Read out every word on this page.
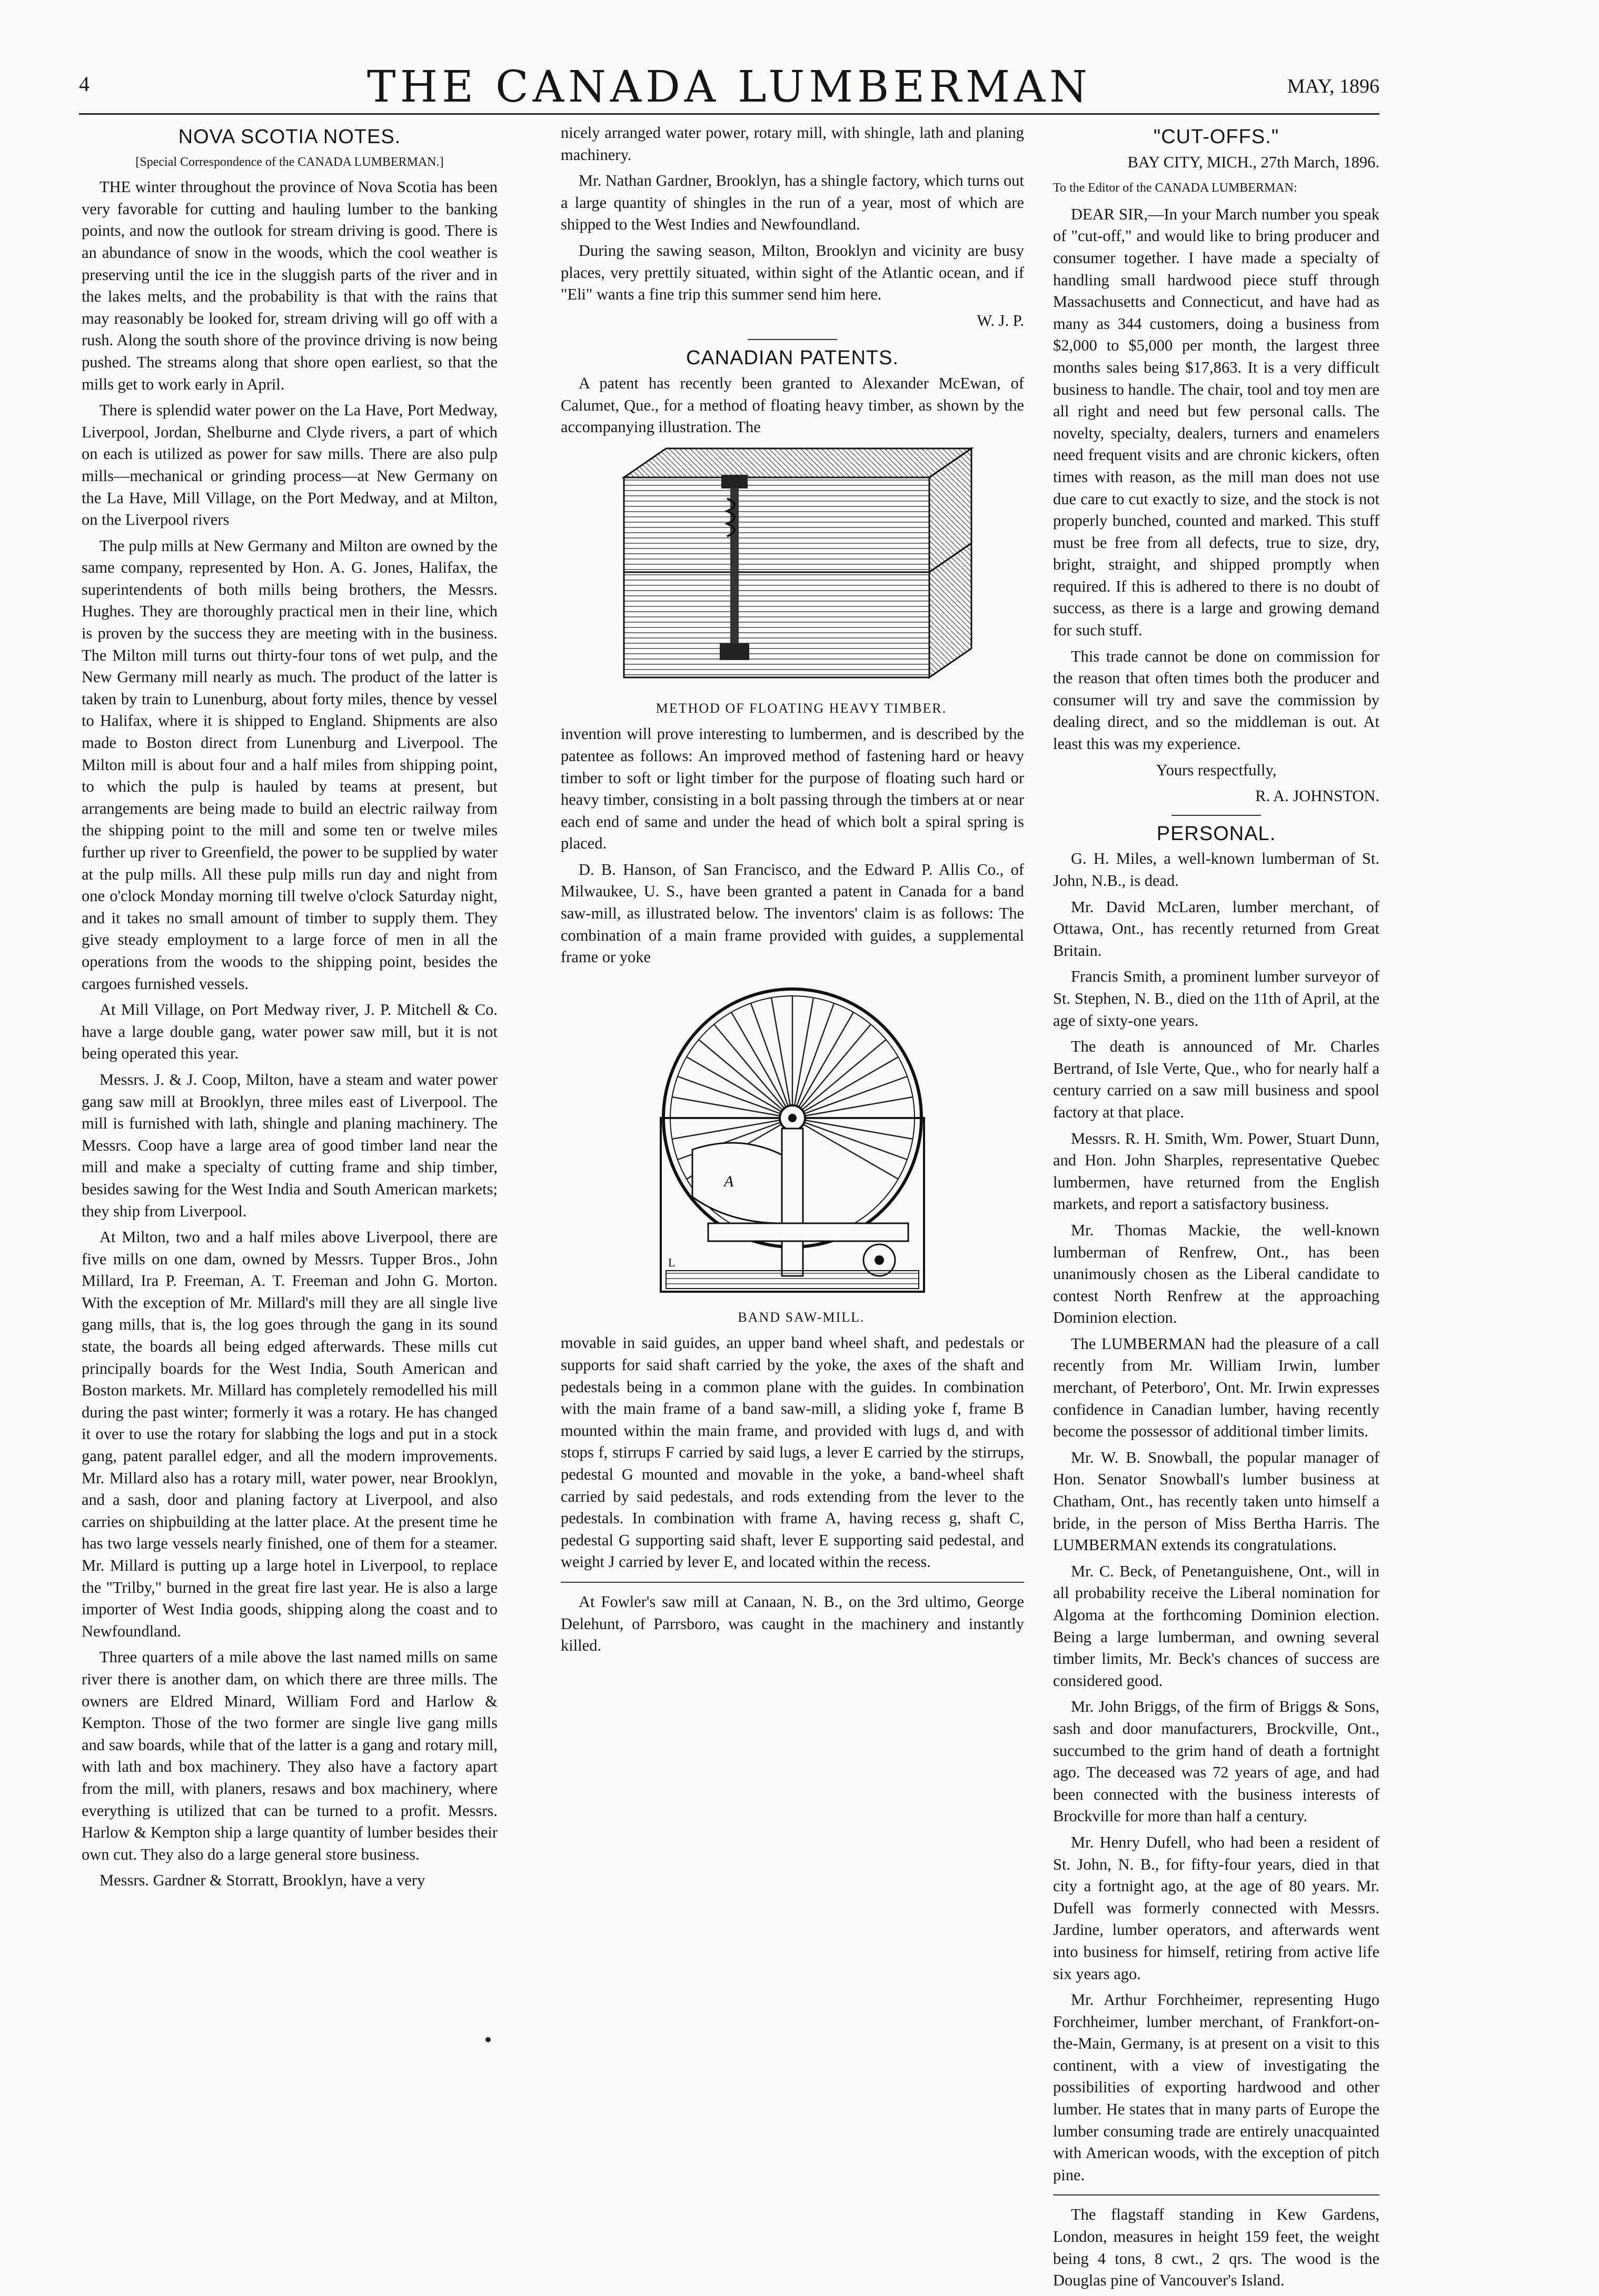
4	THE CANADA LUMBERMAN	MAY, 1896
NOVA SCOTIA NOTES.

[Special Correspondence of the CANADA LUMBERMAN.]

THE winter throughout the province of Nova Scotia has been very favorable for cutting and hauling lumber to the banking points, and now the outlook for stream driving is good. There is an abundance of snow in the woods, which the cool weather is preserving until the ice in the sluggish parts of the river and in the lakes melts, and the probability is that with the rains that may reasonably be looked for, stream driving will go off with a rush. Along the south shore of the province driving is now being pushed. The streams along that shore open earliest, so that the mills get to work early in April.

There is splendid water power on the La Have, Port Medway, Liverpool, Jordan, Shelburne and Clyde rivers, a part of which on each is utilized as power for saw mills. There are also pulp mills—mechanical or grinding process—at New Germany on the La Have, Mill Village, on the Port Medway, and at Milton, on the Liverpool rivers

The pulp mills at New Germany and Milton are owned by the same company, represented by Hon. A. G. Jones, Halifax, the superintendents of both mills being brothers, the Messrs. Hughes. They are thoroughly practical men in their line, which is proven by the success they are meeting with in the business. The Milton mill turns out thirty-four tons of wet pulp, and the New Germany mill nearly as much. The product of the latter is taken by train to Lunenburg, about forty miles, thence by vessel to Halifax, where it is shipped to England. Shipments are also made to Boston direct from Lunenburg and Liverpool. The Milton mill is about four and a half miles from shipping point, to which the pulp is hauled by teams at present, but arrangements are being made to build an electric railway from the shipping point to the mill and some ten or twelve miles further up river to Greenfield, the power to be supplied by water at the pulp mills. All these pulp mills run day and night from one o'clock Monday morning till twelve o'clock Saturday night, and it takes no small amount of timber to supply them. They give steady employment to a large force of men in all the operations from the woods to the shipping point, besides the cargoes furnished vessels.

At Mill Village, on Port Medway river, J. P. Mitchell & Co. have a large double gang, water power saw mill, but it is not being operated this year.

Messrs. J. & J. Coop, Milton, have a steam and water power gang saw mill at Brooklyn, three miles east of Liverpool. The mill is furnished with lath, shingle and planing machinery. The Messrs. Coop have a large area of good timber land near the mill and make a specialty of cutting frame and ship timber, besides sawing for the West India and South American markets; they ship from Liverpool.

At Milton, two and a half miles above Liverpool, there are five mills on one dam, owned by Messrs. Tupper Bros., John Millard, Ira P. Freeman, A. T. Freeman and John G. Morton. With the exception of Mr. Millard's mill they are all single live gang mills, that is, the log goes through the gang in its sound state, the boards all being edged afterwards. These mills cut principally boards for the West India, South American and Boston markets. Mr. Millard has completely remodelled his mill during the past winter; formerly it was a rotary. He has changed it over to use the rotary for slabbing the logs and put in a stock gang, patent parallel edger, and all the modern improvements. Mr. Millard also has a rotary mill, water power, near Brooklyn, and a sash, door and planing factory at Liverpool, and also carries on shipbuilding at the latter place. At the present time he has two large vessels nearly finished, one of them for a steamer. Mr. Millard is putting up a large hotel in Liverpool, to replace the "Trilby," burned in the great fire last year. He is also a large importer of West India goods, shipping along the coast and to Newfoundland.

Three quarters of a mile above the last named mills on same river there is another dam, on which there are three mills. The owners are Eldred Minard, William Ford and Harlow & Kempton. Those of the two former are single live gang mills and saw boards, while that of the latter is a gang and rotary mill, with lath and box machinery. They also have a factory apart from the mill, with planers, resaws and box machinery, where everything is utilized that can be turned to a profit. Messrs. Harlow & Kempton ship a large quantity of lumber besides their own cut. They also do a large general store business.

Messrs. Gardner & Storratt, Brooklyn, have a very

nicely arranged water power, rotary mill, with shingle, lath and planing machinery.

Mr. Nathan Gardner, Brooklyn, has a shingle factory, which turns out a large quantity of shingles in the run of a year, most of which are shipped to the West Indies and Newfoundland.

During the sawing season, Milton, Brooklyn and vicinity are busy places, very prettily situated, within sight of the Atlantic ocean, and if "Eli" wants a fine trip this summer send him here.

W. J. P.

CANADIAN PATENTS.

A patent has recently been granted to Alexander McEwan, of Calumet, Que., for a method of floating heavy timber, as shown by the accompanying illustration. The

METHOD OF FLOATING HEAVY TIMBER.

invention will prove interesting to lumbermen, and is described by the patentee as follows: An improved method of fastening hard or heavy timber to soft or light timber for the purpose of floating such hard or heavy timber, consisting in a bolt passing through the timbers at or near each end of same and under the head of which bolt a spiral spring is placed.

D. B. Hanson, of San Francisco, and the Edward P. Allis Co., of Milwaukee, U. S., have been granted a patent in Canada for a band saw-mill, as illustrated below. The inventors' claim is as follows: The combination of a main frame provided with guides, a supplemental frame or yoke

A
L

BAND SAW-MILL.

movable in said guides, an upper band wheel shaft, and pedestals or supports for said shaft carried by the yoke, the axes of the shaft and pedestals being in a common plane with the guides. In combination with the main frame of a band saw-mill, a sliding yoke f, frame B mounted within the main frame, and provided with lugs d, and with stops f, stirrups F carried by said lugs, a lever E carried by the stirrups, pedestal G mounted and movable in the yoke, a band-wheel shaft carried by said pedestals, and rods extending from the lever to the pedestals. In combination with frame A, having recess g, shaft C, pedestal G supporting said shaft, lever E supporting said pedestal, and weight J carried by lever E, and located within the recess.

At Fowler's saw mill at Canaan, N. B., on the 3rd ultimo, George Delehunt, of Parrsboro, was caught in the machinery and instantly killed.

"CUT-OFFS."

BAY CITY, MICH., 27th March, 1896.

To the Editor of the CANADA LUMBERMAN:

DEAR SIR,—In your March number you speak of "cut-off," and would like to bring producer and consumer together. I have made a specialty of handling small hardwood piece stuff through Massachusetts and Connecticut, and have had as many as 344 customers, doing a business from $2,000 to $5,000 per month, the largest three months sales being $17,863. It is a very difficult business to handle. The chair, tool and toy men are all right and need but few personal calls. The novelty, specialty, dealers, turners and enamelers need frequent visits and are chronic kickers, often times with reason, as the mill man does not use due care to cut exactly to size, and the stock is not properly bunched, counted and marked. This stuff must be free from all defects, true to size, dry, bright, straight, and shipped promptly when required. If this is adhered to there is no doubt of success, as there is a large and growing demand for such stuff.

This trade cannot be done on commission for the reason that often times both the producer and consumer will try and save the commission by dealing direct, and so the middleman is out. At least this was my experience.

Yours respectfully,

R. A. JOHNSTON.

PERSONAL.

G. H. Miles, a well-known lumberman of St. John, N.B., is dead.

Mr. David McLaren, lumber merchant, of Ottawa, Ont., has recently returned from Great Britain.

Francis Smith, a prominent lumber surveyor of St. Stephen, N. B., died on the 11th of April, at the age of sixty-one years.

The death is announced of Mr. Charles Bertrand, of Isle Verte, Que., who for nearly half a century carried on a saw mill business and spool factory at that place.

Messrs. R. H. Smith, Wm. Power, Stuart Dunn, and Hon. John Sharples, representative Quebec lumbermen, have returned from the English markets, and report a satisfactory business.

Mr. Thomas Mackie, the well-known lumberman of Renfrew, Ont., has been unanimously chosen as the Liberal candidate to contest North Renfrew at the approaching Dominion election.

The LUMBERMAN had the pleasure of a call recently from Mr. William Irwin, lumber merchant, of Peterboro', Ont. Mr. Irwin expresses confidence in Canadian lumber, having recently become the possessor of additional timber limits.

Mr. W. B. Snowball, the popular manager of Hon. Senator Snowball's lumber business at Chatham, Ont., has recently taken unto himself a bride, in the person of Miss Bertha Harris. The LUMBERMAN extends its congratulations.

Mr. C. Beck, of Penetanguishene, Ont., will in all probability receive the Liberal nomination for Algoma at the forthcoming Dominion election. Being a large lumberman, and owning several timber limits, Mr. Beck's chances of success are considered good.

Mr. John Briggs, of the firm of Briggs & Sons, sash and door manufacturers, Brockville, Ont., succumbed to the grim hand of death a fortnight ago. The deceased was 72 years of age, and had been connected with the business interests of Brockville for more than half a century.

Mr. Henry Dufell, who had been a resident of St. John, N. B., for fifty-four years, died in that city a fortnight ago, at the age of 80 years. Mr. Dufell was formerly connected with Messrs. Jardine, lumber operators, and afterwards went into business for himself, retiring from active life six years ago.

Mr. Arthur Forchheimer, representing Hugo Forchheimer, lumber merchant, of Frankfort-on-the-Main, Germany, is at present on a visit to this continent, with a view of investigating the possibilities of exporting hardwood and other lumber. He states that in many parts of Europe the lumber consuming trade are entirely unacquainted with American woods, with the exception of pitch pine.

The flagstaff standing in Kew Gardens, London, measures in height 159 feet, the weight being 4 tons, 8 cwt., 2 qrs. The wood is the Douglas pine of Vancouver's Island.
